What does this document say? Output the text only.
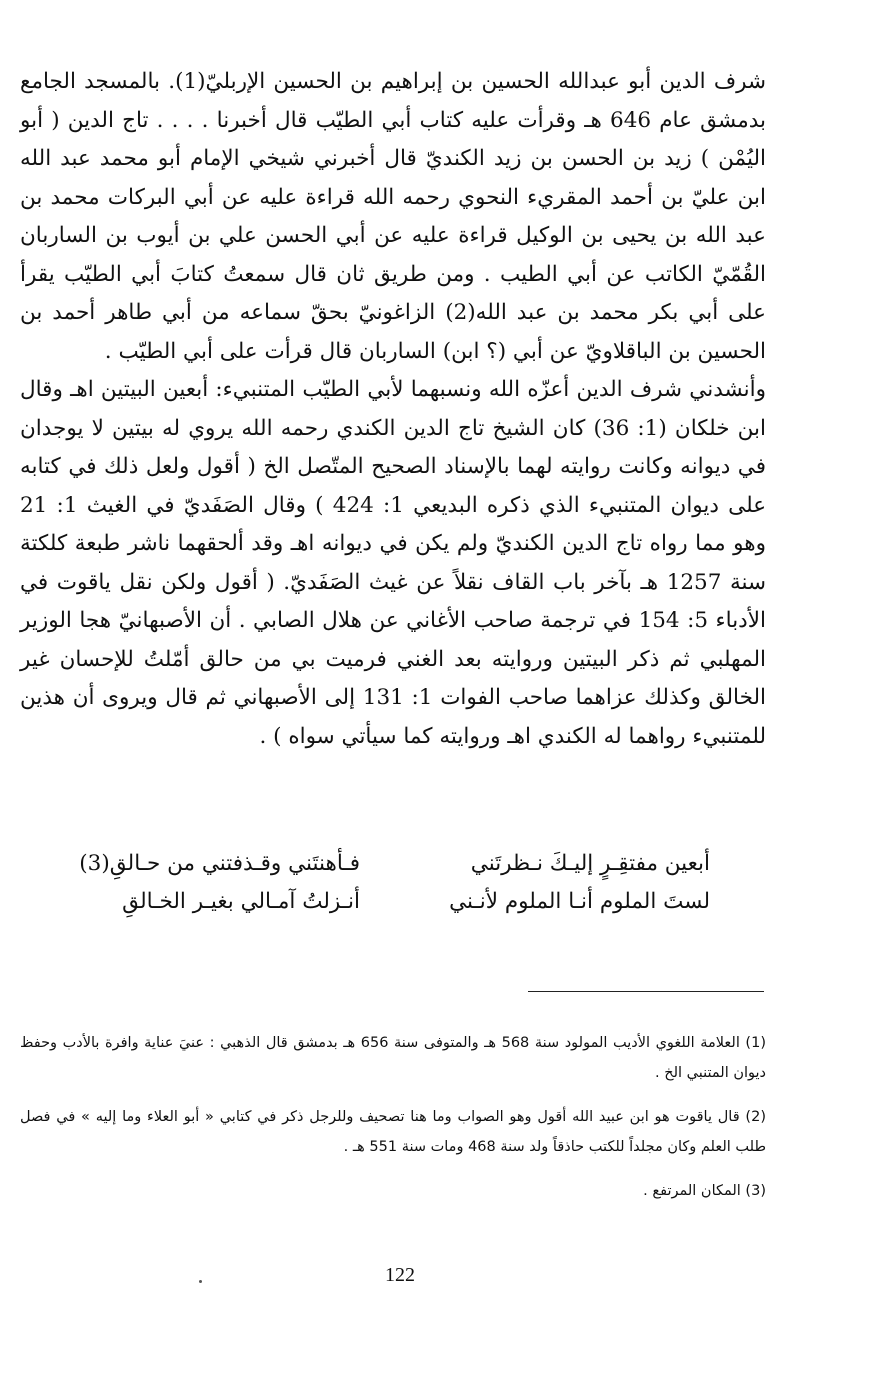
شرف الدين أبو عبدالله الحسين بن إبراهيم بن الحسين الإربليّ(1). بالمسجد الجامع بدمشق عام 646 هـ وقرأت عليه كتاب أبي الطيّب قال أخبرنا . . . . تاج الدين ( أبو اليُمْن ) زيد بن الحسن بن زيد الكنديّ قال أخبرني شيخي الإمام أبو محمد عبد الله ابن عليّ بن أحمد المقريء النحوي رحمه الله قراءة عليه عن أبي البركات محمد بن عبد الله بن يحيى بن الوكيل قراءة عليه عن أبي الحسن علي بن أيوب بن الساربان القُمّيّ الكاتب عن أبي الطيب . ومن طريق ثان قال سمعتُ كتابَ أبي الطيّب يقرأ على أبي بكر محمد بن عبد الله(2) الزاغونيّ بحقّ سماعه من أبي طاهر أحمد بن الحسين بن الباقلاويّ عن أبي (؟ ابن) الساربان قال قرأت على أبي الطيّب .

وأنشدني شرف الدين أعزّه الله ونسبهما لأبي الطيّب المتنبيء: أبعين البيتين اهـ وقال ابن خلكان (1: 36) كان الشيخ تاج الدين الكندي رحمه الله يروي له بيتين لا يوجدان في ديوانه وكانت روايته لهما بالإسناد الصحيح المتّصل الخ ( أقول ولعل ذلك في كتابه على ديوان المتنبيء الذي ذكره البديعي 1: 424 ) وقال الصَفَديّ في الغيث 1: 21 وهو مما رواه تاج الدين الكنديّ ولم يكن في ديوانه اهـ وقد ألحقهما ناشر طبعة كلكتة سنة 1257 هـ بآخر باب القاف نقلاً عن غيث الصَفَديّ. ( أقول ولكن نقل ياقوت في الأدباء 5: 154 في ترجمة صاحب الأغاني عن هلال الصابي . أن الأصبهانيّ هجا الوزير المهلبي ثم ذكر البيتين وروايته بعد الغني فرميت بي من حالق أمّلتُ للإحسان غير الخالق وكذلك عزاهما صاحب الفوات 1: 131 إلى الأصبهاني ثم قال ويروى أن هذين للمتنبيء رواهما له الكندي اهـ وروايته كما سيأتي سواه ) .

أبعين مفتقِـرٍ إليـكَ نـظرتَني
فـأهنتَني وقـذفتني من حـالقِ(3)
لستَ الملوم أنـا الملوم لأنـني
أنـزلتُ آمـالي بغيـر الخـالقِ

(1) العلامة اللغوي الأديب المولود سنة 568 هـ والمتوفى سنة 656 هـ بدمشق قال الذهبي : عنيَ عناية وافرة بالأدب وحفظ ديوان المتنبي الخ .

(2) قال ياقوت هو ابن عبيد الله أقول وهو الصواب وما هنا تصحيف وللرجل ذكر في كتابي « أبو العلاء وما إليه » في فصل طلب العلم وكان مجلداً للكتب حاذقاً ولد سنة 468 ومات سنة 551 هـ .

(3) المكان المرتفع .

122
